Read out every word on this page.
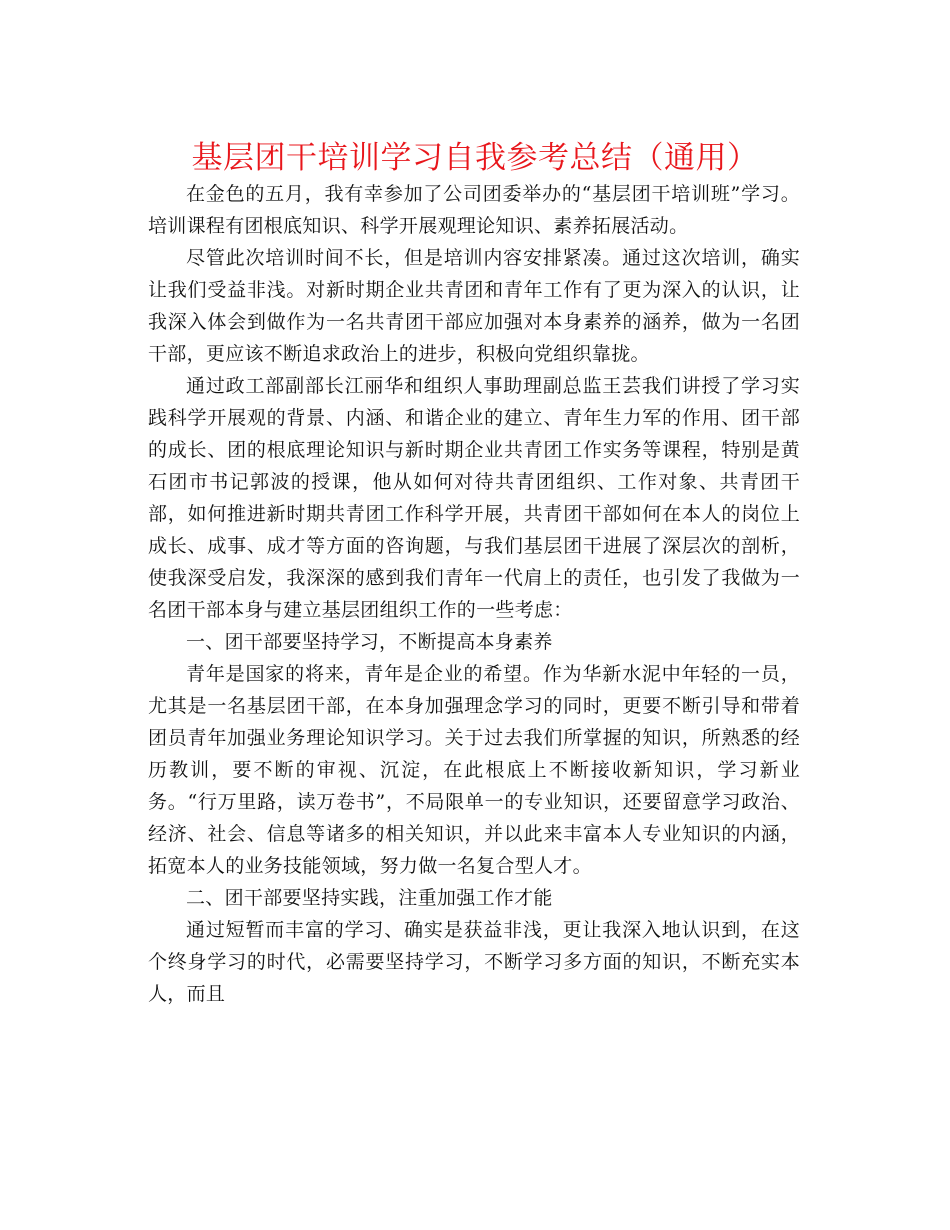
基层团干培训学习自我参考总结（通用）

在金色的五月，我有幸参加了公司团委举办的“基层团干培训班”学习。培训课程有团根底知识、科学开展观理论知识、素养拓展活动。

尽管此次培训时间不长，但是培训内容安排紧凑。通过这次培训，确实让我们受益非浅。对新时期企业共青团和青年工作有了更为深入的认识，让我深入体会到做作为一名共青团干部应加强对本身素养的涵养，做为一名团干部，更应该不断追求政治上的进步，积极向党组织靠拢。

通过政工部副部长江丽华和组织人事助理副总监王芸我们讲授了学习实践科学开展观的背景、内涵、和谐企业的建立、青年生力军的作用、团干部的成长、团的根底理论知识与新时期企业共青团工作实务等课程，特别是黄石团市书记郭波的授课，他从如何对待共青团组织、工作对象、共青团干部，如何推进新时期共青团工作科学开展，共青团干部如何在本人的岗位上成长、成事、成才等方面的咨询题，与我们基层团干进展了深层次的剖析，使我深受启发，我深深的感到我们青年一代肩上的责任，也引发了我做为一名团干部本身与建立基层团组织工作的一些考虑：

一、团干部要坚持学习，不断提高本身素养

青年是国家的将来，青年是企业的希望。作为华新水泥中年轻的一员，尤其是一名基层团干部，在本身加强理念学习的同时，更要不断引导和带着团员青年加强业务理论知识学习。关于过去我们所掌握的知识，所熟悉的经历教训，要不断的审视、沉淀，在此根底上不断接收新知识，学习新业务。“行万里路，读万卷书”，不局限单一的专业知识，还要留意学习政治、经济、社会、信息等诸多的相关知识，并以此来丰富本人专业知识的内涵，拓宽本人的业务技能领域，努力做一名复合型人才。

二、团干部要坚持实践，注重加强工作才能

通过短暂而丰富的学习、确实是获益非浅，更让我深入地认识到，在这个终身学习的时代，必需要坚持学习，不断学习多方面的知识，不断充实本人，而且
